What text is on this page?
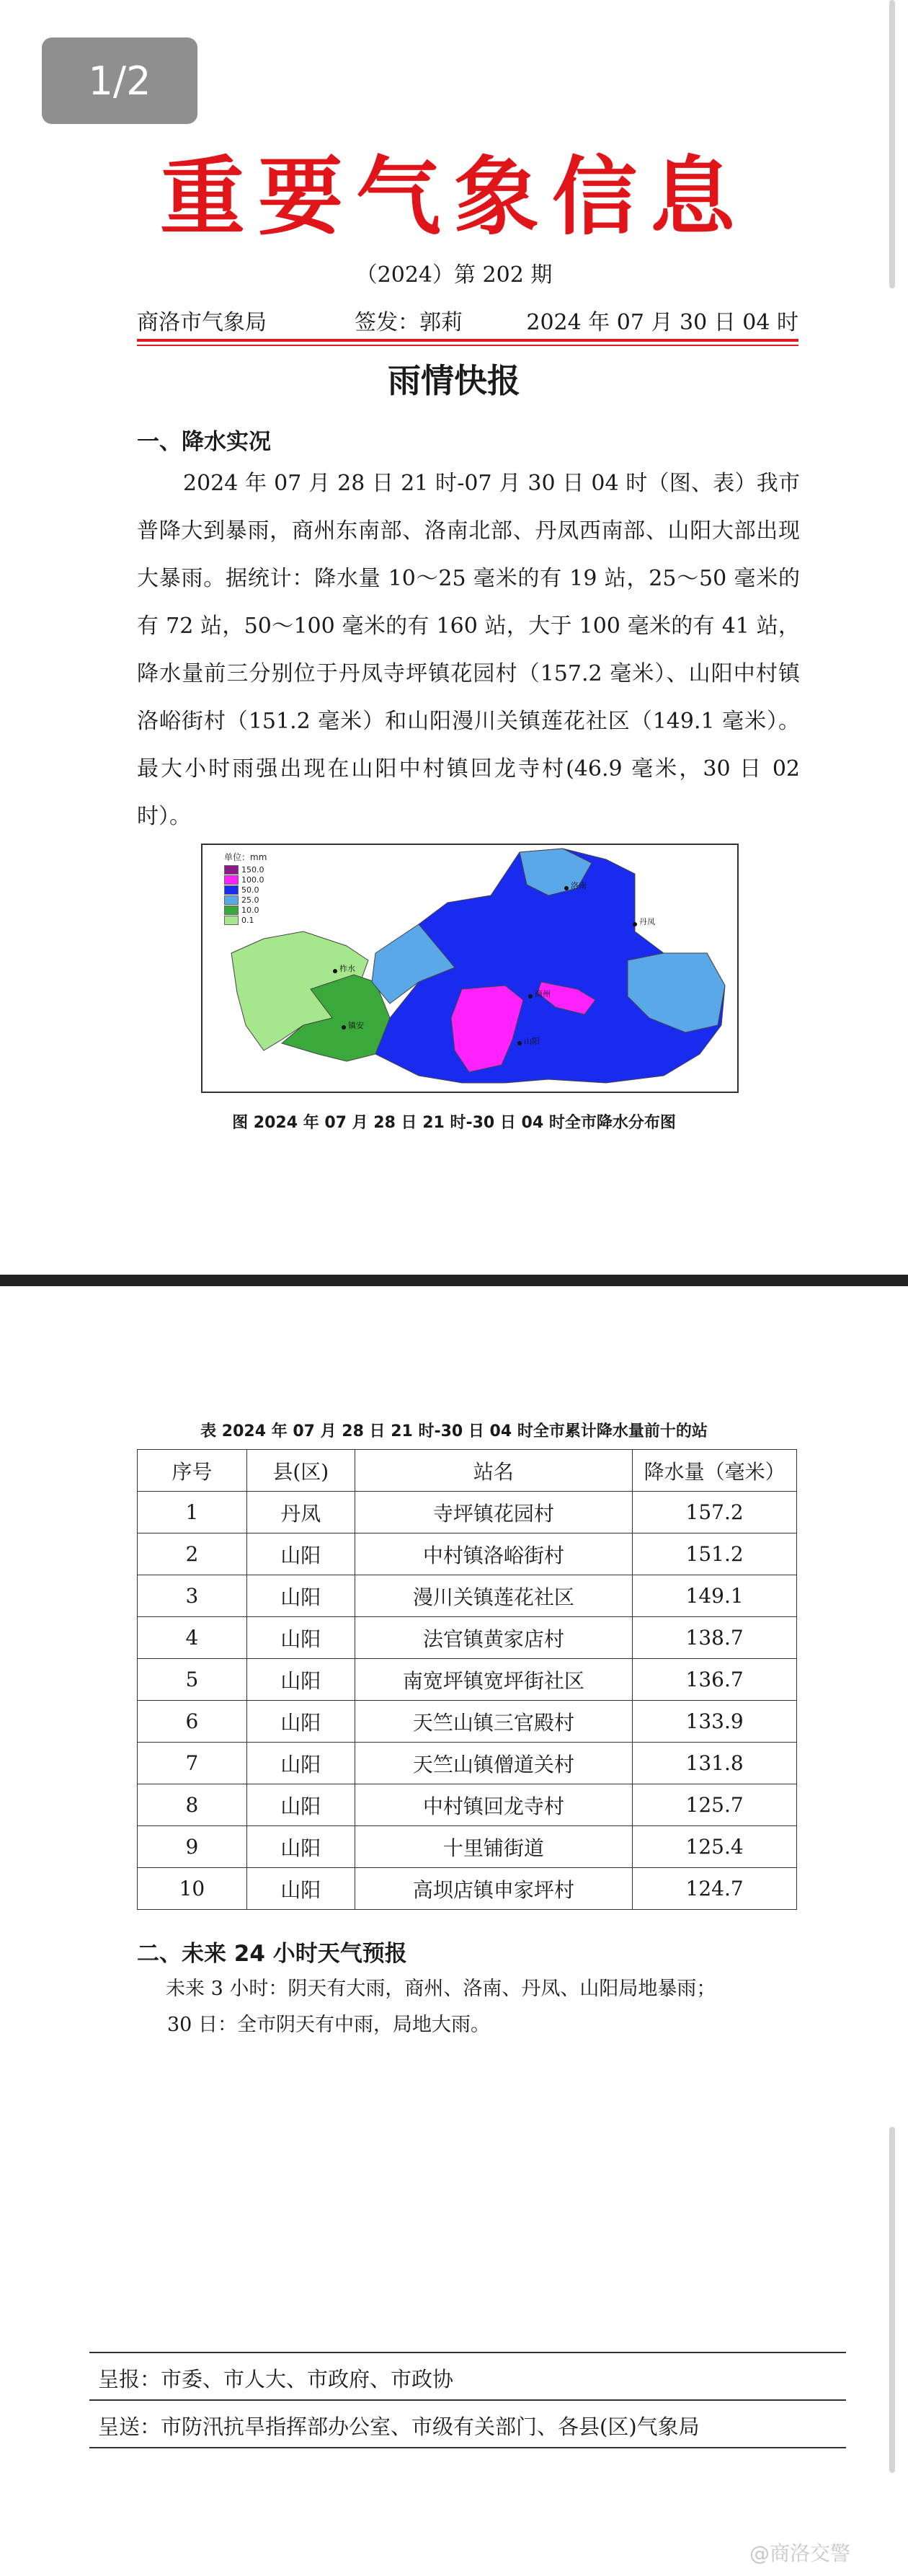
1/2
重要气象信息
（2024）第 202 期
商洛市气象局	签发：郭莉	2024 年 07 月 30 日 04 时
雨情快报
一、降水实况
2024 年 07 月 28 日 21 时-07 月 30 日 04 时（图、表）我市普降大到暴雨，商州东南部、洛南北部、丹凤西南部、山阳大部出现大暴雨。据统计：降水量 10～25 毫米的有 19 站，25～50 毫米的有 72 站，50～100 毫米的有 160 站，大于 100 毫米的有 41 站，降水量前三分别位于丹凤寺坪镇花园村（157.2 毫米）、山阳中村镇洛峪街村（151.2 毫米）和山阳漫川关镇莲花社区（149.1 毫米）。最大小时雨强出现在山阳中村镇回龙寺村(46.9 毫米，30 日 02 时）。
单位：mm
150.0
100.0
50.0
25.0
10.0
0.1
商州
丹凤
山阳
镇安
柞水
洛南
图 2024 年 07 月 28 日 21 时-30 日 04 时全市降水分布图
表 2024 年 07 月 28 日 21 时-30 日 04 时全市累计降水量前十的站
序号	县(区)	站名	降水量（毫米）
1	丹凤	寺坪镇花园村	157.2
2	山阳	中村镇洛峪街村	151.2
3	山阳	漫川关镇莲花社区	149.1
4	山阳	法官镇黄家店村	138.7
5	山阳	南宽坪镇宽坪街社区	136.7
6	山阳	天竺山镇三官殿村	133.9
7	山阳	天竺山镇僧道关村	131.8
8	山阳	中村镇回龙寺村	125.7
9	山阳	十里铺街道	125.4
10	山阳	高坝店镇申家坪村	124.7
二、未来 24 小时天气预报
未来 3 小时：阴天有大雨，商州、洛南、丹凤、山阳局地暴雨；
30 日：全市阴天有中雨，局地大雨。
呈报：市委、市人大、市政府、市政协
呈送：市防汛抗旱指挥部办公室、市级有关部门、各县(区)气象局
@商洛交警
